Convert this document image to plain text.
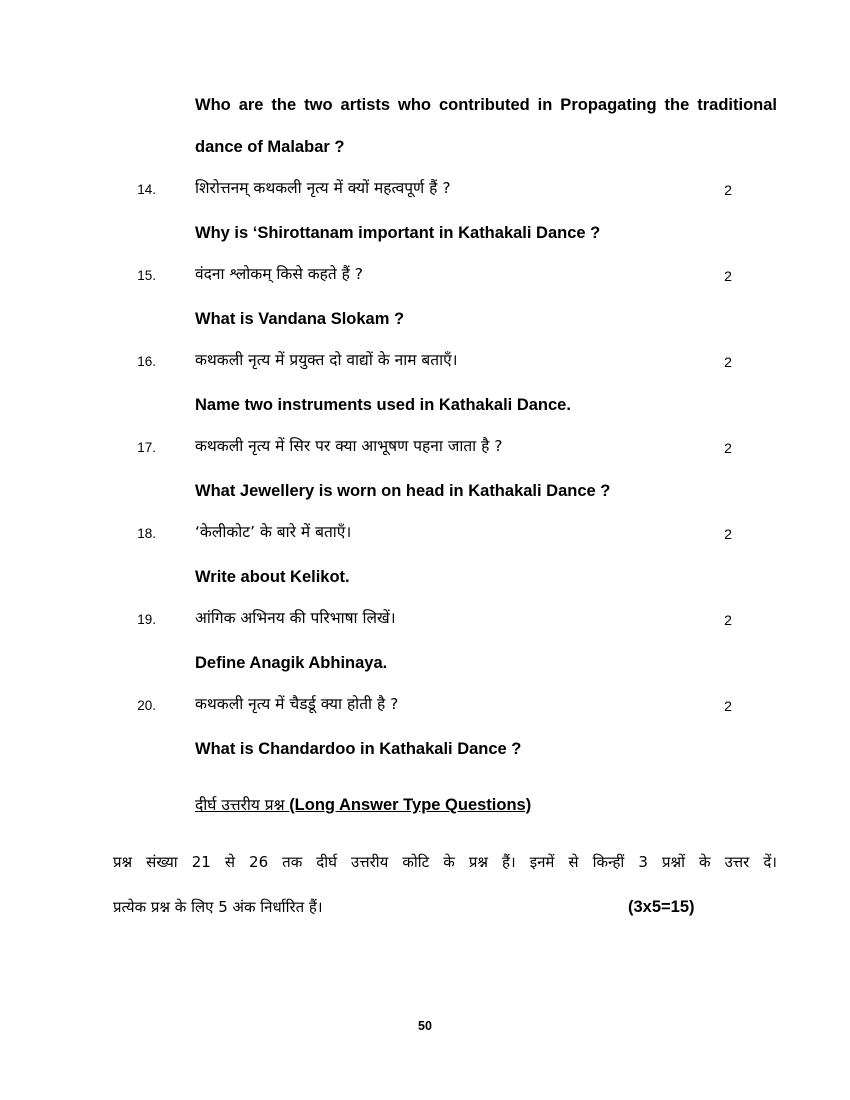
Who are the two artists who contributed in Propagating the traditional
dance of Malabar ?
14.	शिरोत्तनम् कथकली नृत्य में क्यों महत्वपूर्ण हैं ?	2
Why is ‘Shirottanam important in Kathakali Dance ?
15.	वंदना श्लोकम् किसे कहते हैं ?	2
What is Vandana Slokam ?
16.	कथकली नृत्य में प्रयुक्त दो वाद्यों के नाम बताएँ।	2
Name two instruments used in Kathakali Dance.
17.	कथकली नृत्य में सिर पर क्या आभूषण पहना जाता है ?	2
What Jewellery is worn on head in Kathakali Dance ?
18.	‘केलीकोट’ के बारे में बताएँ।	2
Write about Kelikot.
19.	आंगिक अभिनय की परिभाषा लिखें।	2
Define Anagik Abhinaya.
20.	कथकली नृत्य में चैडर्डू क्या होती है ?	2
What is Chandardoo in Kathakali Dance ?
दीर्घ उत्तरीय प्रश्न (Long Answer Type Questions)
प्रश्न संख्या 21 से 26 तक दीर्घ उत्तरीय कोटि के प्रश्न हैं। इनमें से किन्हीं 3 प्रश्नों के उत्तर दें।
प्रत्येक प्रश्न के लिए 5 अंक निर्धारित हैं।	(3x5=15)
50
